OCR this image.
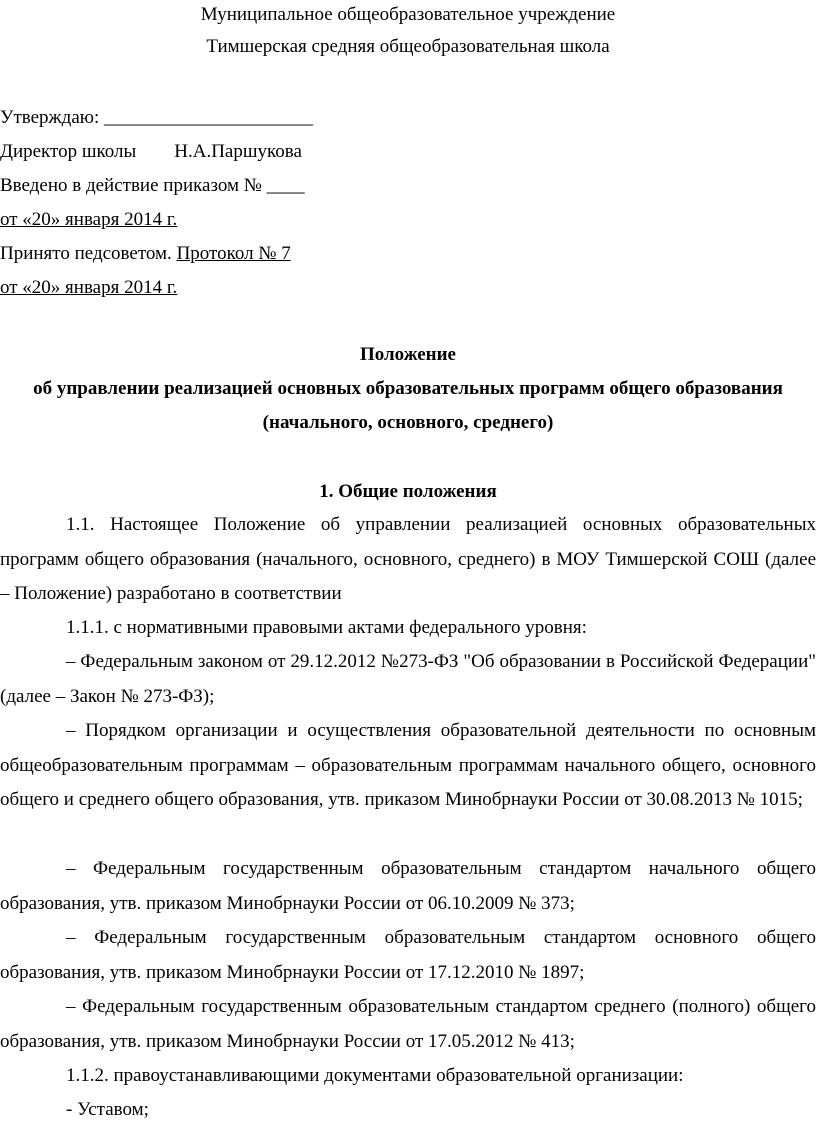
Муниципальное общеобразовательное учреждение
Тимшерская средняя общеобразовательная школа
Утверждаю: ______________________
Директор школы Н.А.Паршукова
Введено в действие приказом № ____
от «20» января 2014 г.
Принято педсоветом. Протокол № 7
от «20» января 2014 г.
Положение
об управлении реализацией основных образовательных программ общего образования
(начального, основного, среднего)
1. Общие положения
1.1. Настоящее Положение об управлении реализацией основных образовательных программ общего образования (начального, основного, среднего) в МОУ Тимшерской СОШ (далее – Положение) разработано в соответствии
1.1.1. с нормативными правовыми актами федерального уровня:
– Федеральным законом от 29.12.2012 №273-ФЗ "Об образовании в Российской Федерации" (далее – Закон № 273-ФЗ);
– Порядком организации и осуществления образовательной деятельности по основным общеобразовательным программам – образовательным программам начального общего, основного общего и среднего общего образования, утв. приказом Минобрнауки России от 30.08.2013 № 1015;
– Федеральным государственным образовательным стандартом начального общего образования, утв. приказом Минобрнауки России от 06.10.2009 № 373;
– Федеральным государственным образовательным стандартом основного общего образования, утв. приказом Минобрнауки России от 17.12.2010 № 1897;
– Федеральным государственным образовательным стандартом среднего (полного) общего образования, утв. приказом Минобрнауки России от 17.05.2012 № 413;
1.1.2. правоустанавливающими документами образовательной организации:
- Уставом;
